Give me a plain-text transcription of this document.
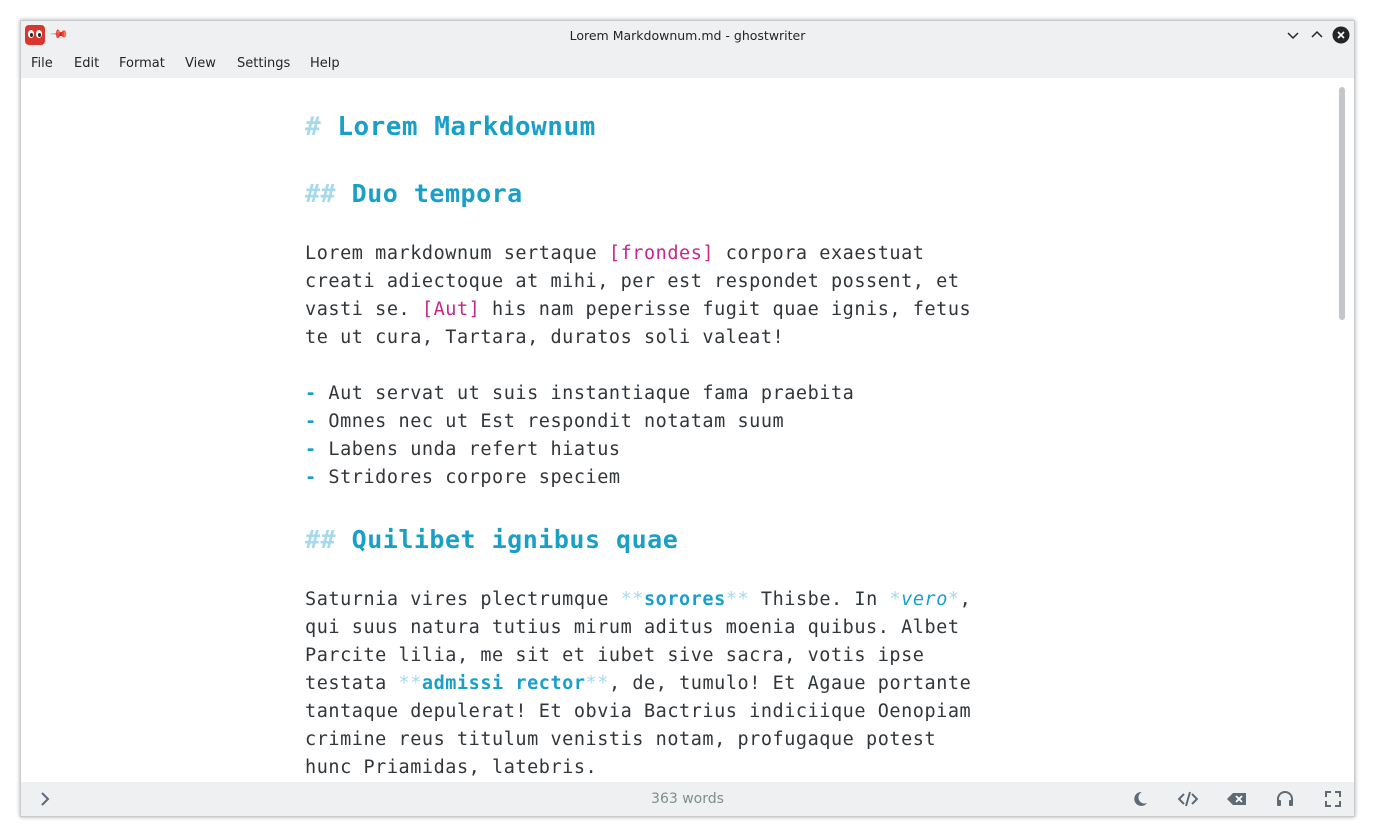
📌	Lorem Markdownum.md - ghostwriter
File Edit Format View Settings Help
# Lorem Markdownum
## Duo tempora
Lorem markdownum sertaque [frondes] corpora exaestuat
creati adiectoque at mihi, per est respondet possent, et
vasti se. [Aut] his nam peperisse fugit quae ignis, fetus
te ut cura, Tartara, duratos soli valeat!
- Aut servat ut suis instantiaque fama praebita
- Omnes nec ut Est respondit notatam suum
- Labens unda refert hiatus
- Stridores corpore speciem
## Quilibet ignibus quae
Saturnia vires plectrumque **sorores** Thisbe. In *vero*,
qui suus natura tutius mirum aditus moenia quibus. Albet
Parcite lilia, me sit et iubet sive sacra, votis ipse
testata **admissi rector**, de, tumulo! Et Agaue portante
tantaque depulerat! Et obvia Bactrius indiciique Oenopiam
crimine reus titulum venistis notam, profugaque potest
hunc Priamidas, latebris.
363 words
